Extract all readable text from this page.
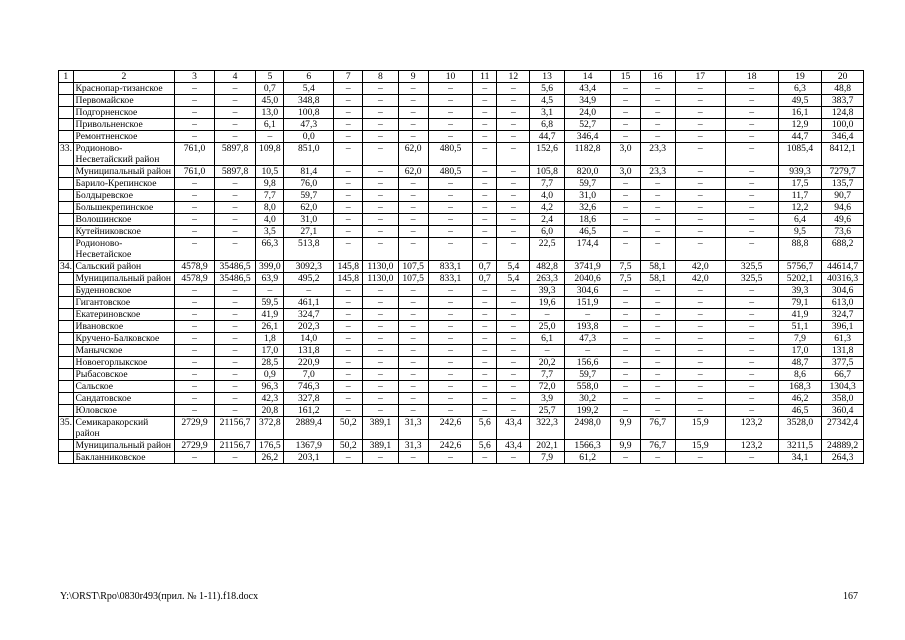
1	2	3	4	5	6	7	8	9	10	11	12	13	14	15	16	17	18	19	20
	Краснопар-тизанское	–	–	0,7	5,4	–	–	–	–	–	–	5,6	43,4	–	–	–	–	6,3	48,8
	Первомайское	–	–	45,0	348,8	–	–	–	–	–	–	4,5	34,9	–	–	–	–	49,5	383,7
	Подгорненское	–	–	13,0	100,8	–	–	–	–	–	–	3,1	24,0	–	–	–	–	16,1	124,8
	Привольненское	–	–	6,1	47,3	–	–	–	–	–	–	6,8	52,7	–	–	–	–	12,9	100,0
	Ремонтненское	–	–	–	0,0	–	–	–	–	–	–	44,7	346,4	–	–	–	–	44,7	346,4
33.	Родионово-Несветайский район	761,0	5897,8	109,8	851,0	–	–	62,0	480,5	–	–	152,6	1182,8	3,0	23,3	–	–	1085,4	8412,1
	Муниципальный район	761,0	5897,8	10,5	81,4	–	–	62,0	480,5	–	–	105,8	820,0	3,0	23,3	–	–	939,3	7279,7
	Барило-Крепинское	–	–	9,8	76,0	–	–	–	–	–	–	7,7	59,7	–	–	–	–	17,5	135,7
	Болдыревское	–	–	7,7	59,7	–	–	–	–	–	–	4,0	31,0	–	–	–	–	11,7	90,7
	Большекрепинское	–	–	8,0	62,0	–	–	–	–	–	–	4,2	32,6	–	–	–	–	12,2	94,6
	Волошинское	–	–	4,0	31,0	–	–	–	–	–	–	2,4	18,6	–	–	–	–	6,4	49,6
	Кутейниковское	–	–	3,5	27,1	–	–	–	–	–	–	6,0	46,5	–	–	–	–	9,5	73,6
	Родионово-Несветайское	–	–	66,3	513,8	–	–	–	–	–	–	22,5	174,4	–	–	–	–	88,8	688,2
34.	Сальский район	4578,9	35486,5	399,0	3092,3	145,8	1130,0	107,5	833,1	0,7	5,4	482,8	3741,9	7,5	58,1	42,0	325,5	5756,7	44614,7
	Муниципальный район	4578,9	35486,5	63,9	495,2	145,8	1130,0	107,5	833,1	0,7	5,4	263,3	2040,6	7,5	58,1	42,0	325,5	5202,1	40316,3
	Буденновское	–	–	–	–	–	–	–	–	–	–	39,3	304,6	–	–	–	–	39,3	304,6
	Гигантовское	–	–	59,5	461,1	–	–	–	–	–	–	19,6	151,9	–	–	–	–	79,1	613,0
	Екатериновское	–	–	41,9	324,7	–	–	–	–	–	–	–	–	–	–	–	–	41,9	324,7
	Ивановское	–	–	26,1	202,3	–	–	–	–	–	–	25,0	193,8	–	–	–	–	51,1	396,1
	Кручено-Балковское	–	–	1,8	14,0	–	–	–	–	–	–	6,1	47,3	–	–	–	–	7,9	61,3
	Манычское	–	–	17,0	131,8	–	–	–	–	–	–	–	–	–	–	–	–	17,0	131,8
	Новоегорлыкское	–	–	28,5	220,9	–	–	–	–	–	–	20,2	156,6	–	–	–	–	48,7	377,5
	Рыбасовское	–	–	0,9	7,0	–	–	–	–	–	–	7,7	59,7	–	–	–	–	8,6	66,7
	Сальское	–	–	96,3	746,3	–	–	–	–	–	–	72,0	558,0	–	–	–	–	168,3	1304,3
	Сандатовское	–	–	42,3	327,8	–	–	–	–	–	–	3,9	30,2	–	–	–	–	46,2	358,0
	Юловское	–	–	20,8	161,2	–	–	–	–	–	–	25,7	199,2	–	–	–	–	46,5	360,4
35.	Семикаракорский район	2729,9	21156,7	372,8	2889,4	50,2	389,1	31,3	242,6	5,6	43,4	322,3	2498,0	9,9	76,7	15,9	123,2	3528,0	27342,4
	Муниципальный район	2729,9	21156,7	176,5	1367,9	50,2	389,1	31,3	242,6	5,6	43,4	202,1	1566,3	9,9	76,7	15,9	123,2	3211,5	24889,2
	Бакланниковское	–	–	26,2	203,1	–	–	–	–	–	–	7,9	61,2	–	–	–	–	34,1	264,3
Y:\ORST\Rpo\0830r493(прил. № 1-11).f18.docx	167
